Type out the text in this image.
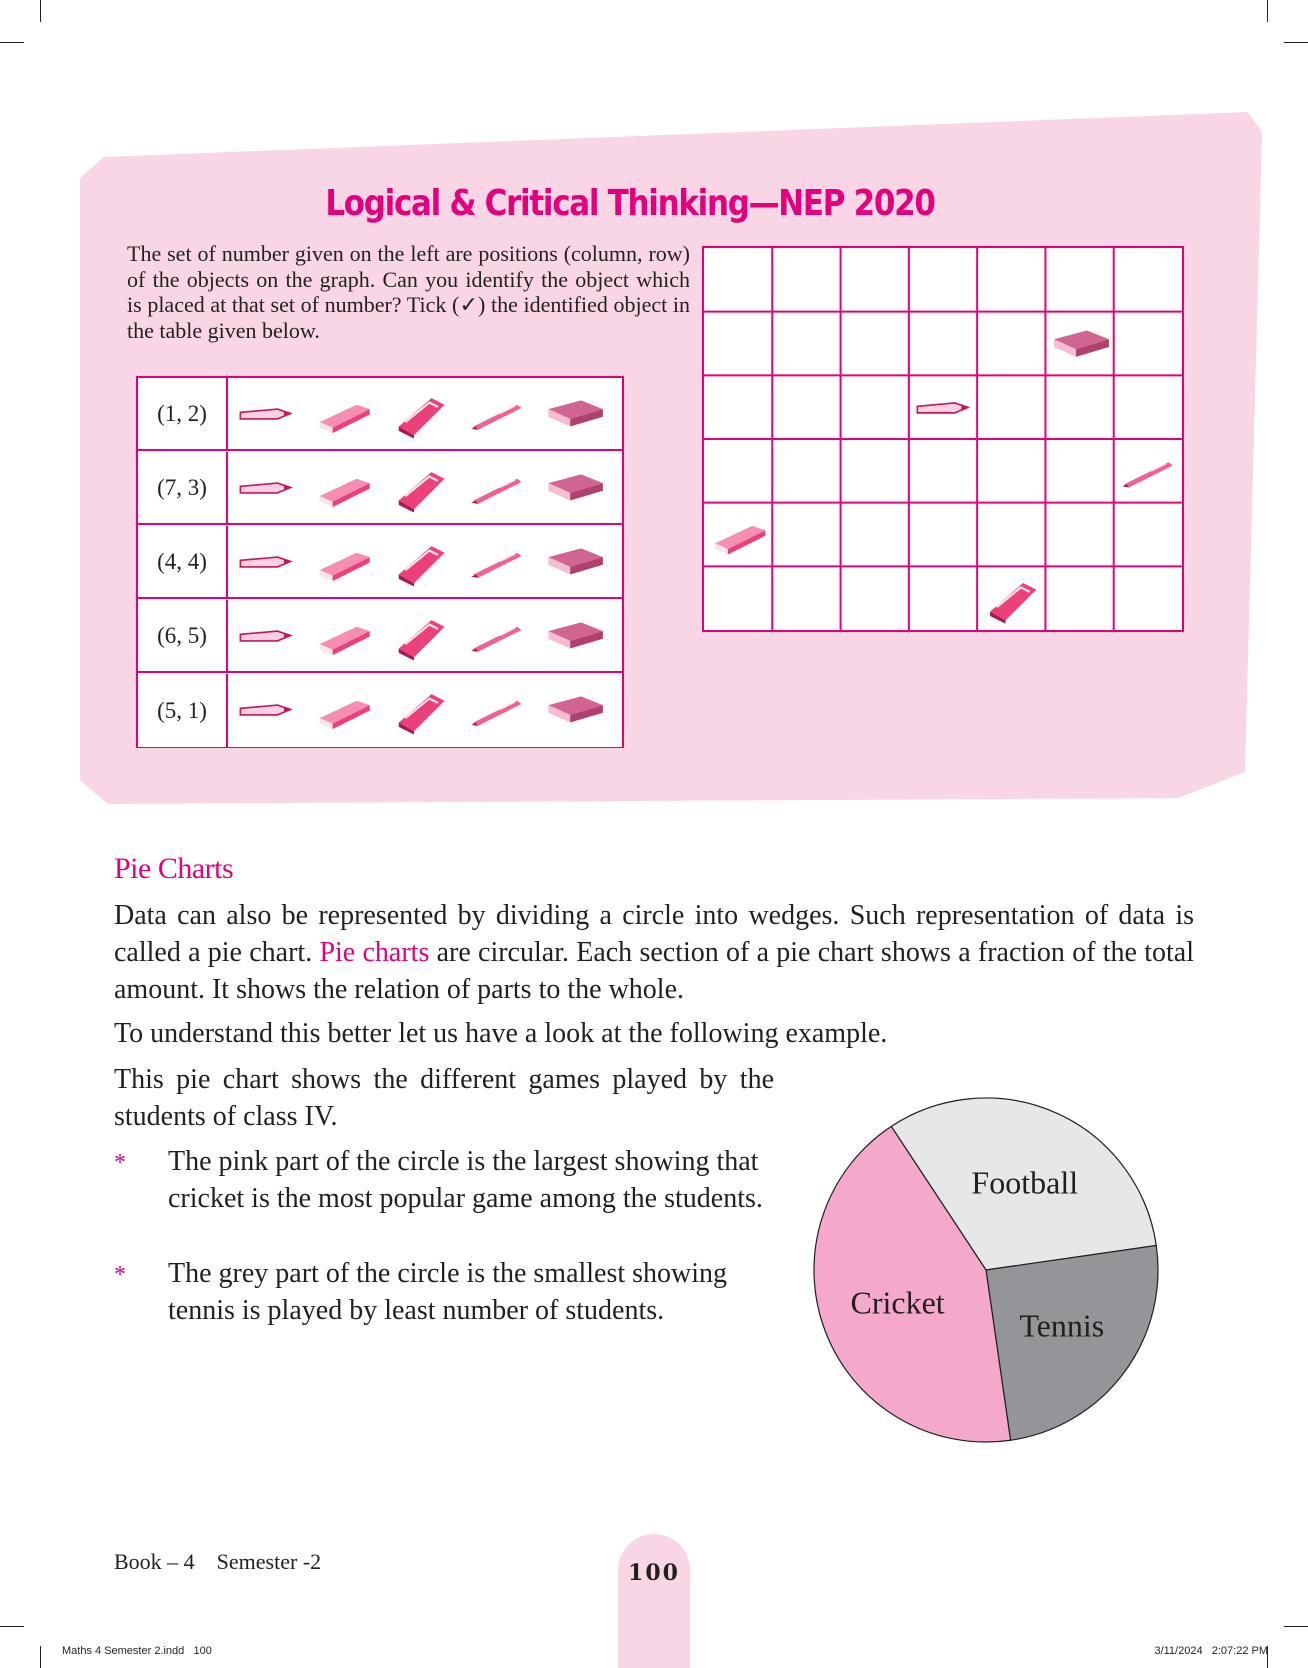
Logical & Critical Thinking—NEP 2020
The set of number given on the left are positions (column, row) of the objects on the graph. Can you identify the object which is placed at that set of number? Tick (✓) the identified object in the table given below.
(1, 2)
(7, 3)
(4, 4)
(6, 5)
(5, 1)
Pie Charts
Data can also be represented by dividing a circle into wedges. Such representation of data is called a pie chart. Pie charts are circular. Each section of a pie chart shows a fraction of the total amount. It shows the relation of parts to the whole.
To understand this better let us have a look at the following example.
This pie chart shows the different games played by the students of class IV.
* The pink part of the circle is the largest showing that cricket is the most popular game among the students.
* The grey part of the circle is the smallest showing tennis is played by least number of students.
Football
Tennis
Cricket
Book – 4    Semester -2	100
Maths 4 Semester 2.indd   100	3/11/2024   2:07:22 PM
